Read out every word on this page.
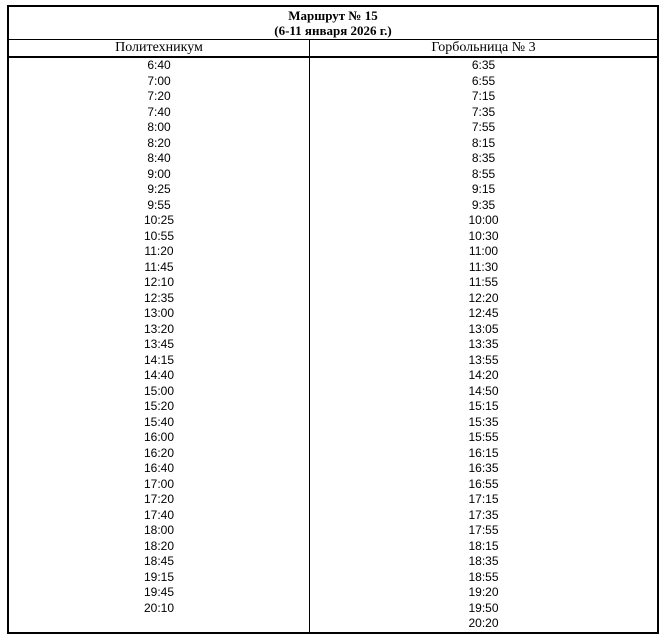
Маршрут № 15
(6-11 января 2026 г.)
Политехникум	Горбольница № 3
6:40
7:00
7:20
7:40
8:00
8:20
8:40
9:00
9:25
9:55
10:25
10:55
11:20
11:45
12:10
12:35
13:00
13:20
13:45
14:15
14:40
15:00
15:20
15:40
16:00
16:20
16:40
17:00
17:20
17:40
18:00
18:20
18:45
19:15
19:45
20:10
6:35
6:55
7:15
7:35
7:55
8:15
8:35
8:55
9:15
9:35
10:00
10:30
11:00
11:30
11:55
12:20
12:45
13:05
13:35
13:55
14:20
14:50
15:15
15:35
15:55
16:15
16:35
16:55
17:15
17:35
17:55
18:15
18:35
18:55
19:20
19:50
20:20
